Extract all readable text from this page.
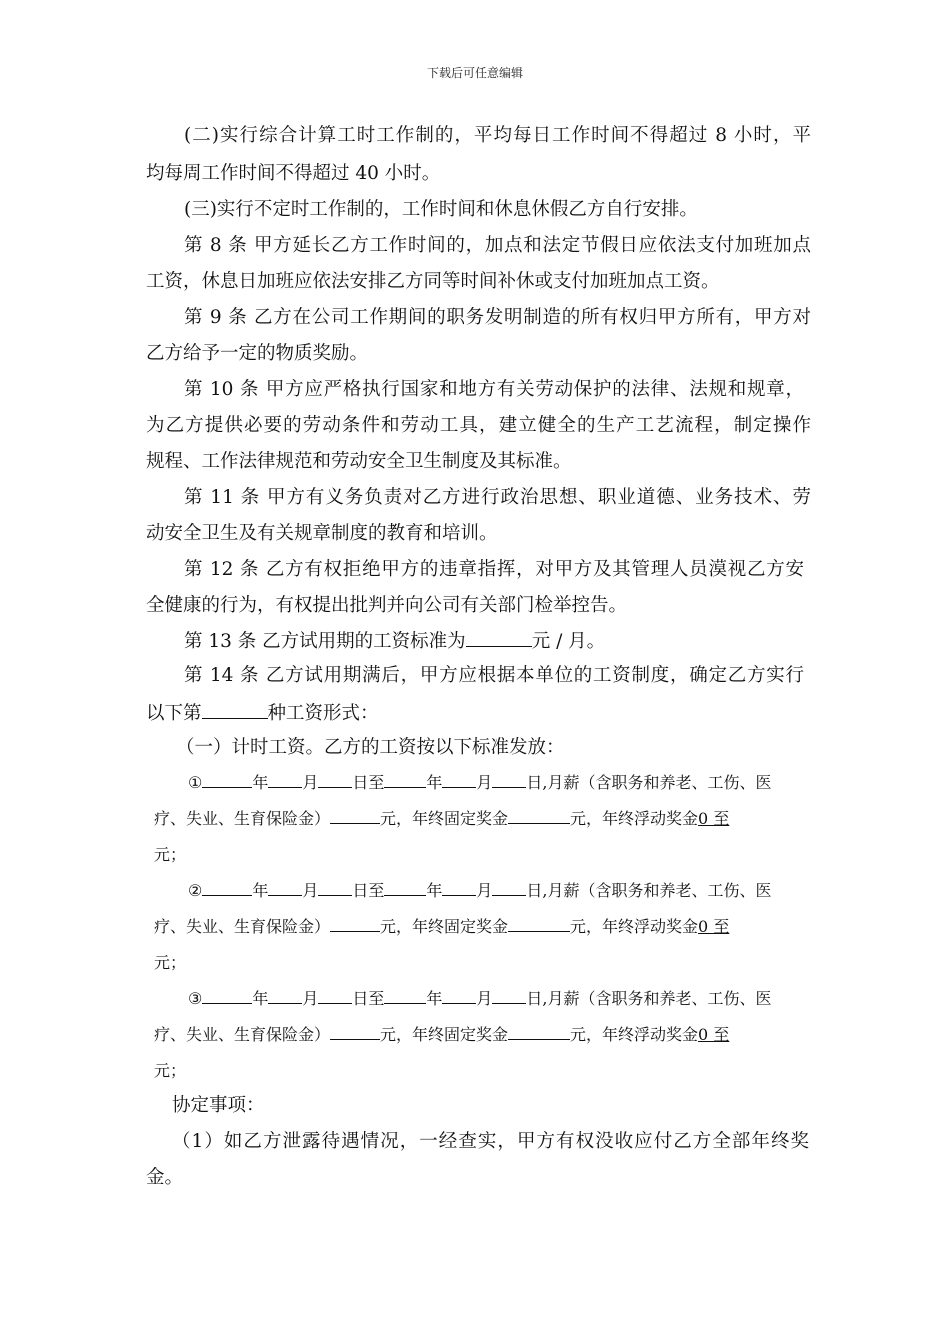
下载后可任意编辑
(二)实行综合计算工时工作制的，平均每日工作时间不得超过 8 小时，平
均每周工作时间不得超过 40 小时。
(三)实行不定时工作制的，工作时间和休息休假乙方自行安排。
第 8 条 甲方延长乙方工作时间的，加点和法定节假日应依法支付加班加点
工资，休息日加班应依法安排乙方同等时间补休或支付加班加点工资。
第 9 条 乙方在公司工作期间的职务发明制造的所有权归甲方所有，甲方对
乙方给予一定的物质奖励。
第 10 条 甲方应严格执行国家和地方有关劳动保护的法律、法规和规章，
为乙方提供必要的劳动条件和劳动工具，建立健全的生产工艺流程，制定操作
规程、工作法律规范和劳动安全卫生制度及其标准。
第 11 条 甲方有义务负责对乙方进行政治思想、职业道德、业务技术、劳
动安全卫生及有关规章制度的教育和培训。
第 12 条 乙方有权拒绝甲方的违章指挥，对甲方及其管理人员漠视乙方安
全健康的行为，有权提出批判并向公司有关部门检举控告。
第 13 条 乙方试用期的工资标准为	元 / 月。
第 14 条 乙方试用期满后，甲方应根据本单位的工资制度，确定乙方实行
以下第	种工资形式：
（一）计时工资。乙方的工资按以下标准发放：
①	年 月 日至	年 月 日,月薪（含职务和养老、工伤、医
疗、失业、生育保险金）	元，年终固定奖金	元，年终浮动奖金0 至
元；
②	年 月 日至	年 月 日,月薪（含职务和养老、工伤、医
疗、失业、生育保险金）	元，年终固定奖金	元，年终浮动奖金0 至
元；
③	年 月 日至	年 月 日,月薪（含职务和养老、工伤、医
疗、失业、生育保险金）	元，年终固定奖金	元，年终浮动奖金0 至
元；
协定事项：
（1）如乙方泄露待遇情况，一经查实，甲方有权没收应付乙方全部年终奖
金。
